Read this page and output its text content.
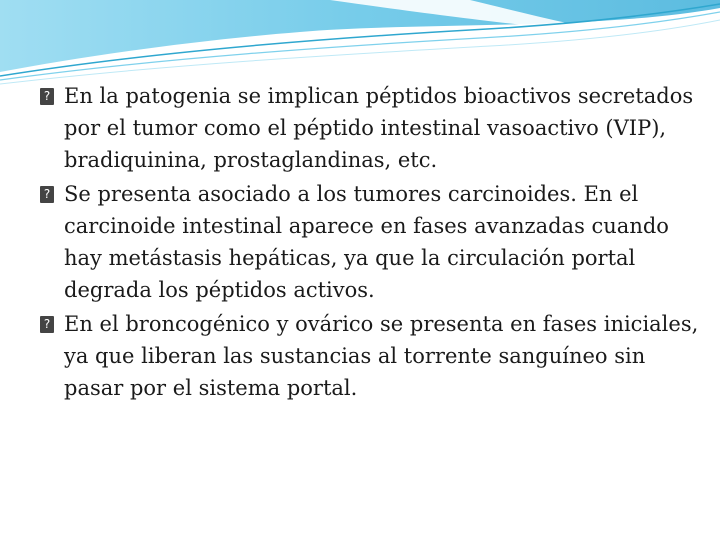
? En la patogenia se implican péptidos bioactivos secretados por el tumor como el péptido intestinal vasoactivo (VIP), bradiquinina, prostaglandinas, etc.

? Se presenta asociado a los tumores carcinoides. En el carcinoide intestinal aparece en fases avanzadas cuando hay metástasis hepáticas, ya que la circulación portal degrada los péptidos activos.

? En el broncogénico y ovárico se presenta en fases iniciales, ya que liberan las sustancias al torrente sanguíneo sin pasar por el sistema portal.
